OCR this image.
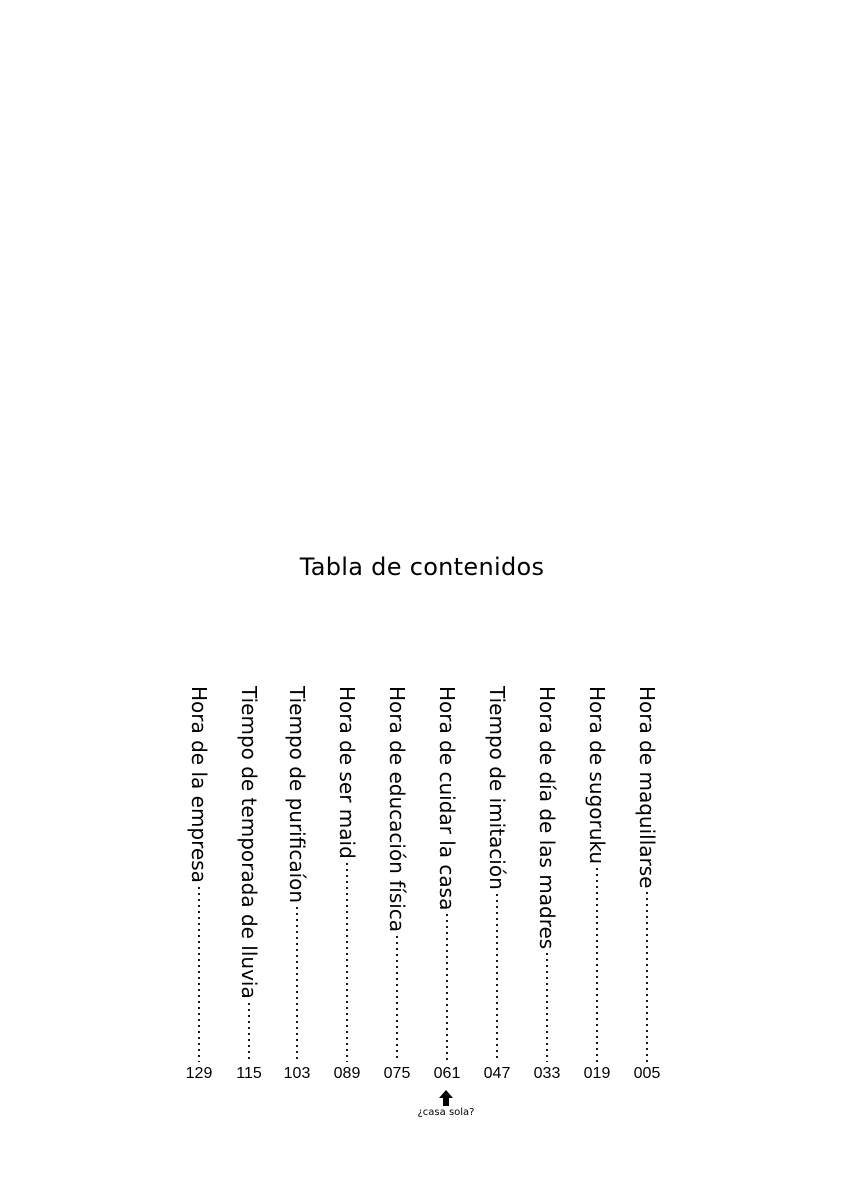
Tabla de contenidos
Hora de maquillarse
005
Hora de sugoruku
019
Hora de día de las madres
033
Tiempo de imitación
047
Hora de cuidar la casa
061
Hora de educación física
075
Hora de ser maid
089
Tiempo de purificaíon
103
Tiempo de temporada de lluvia
115
Hora de la empresa
129
¿casa sola?
